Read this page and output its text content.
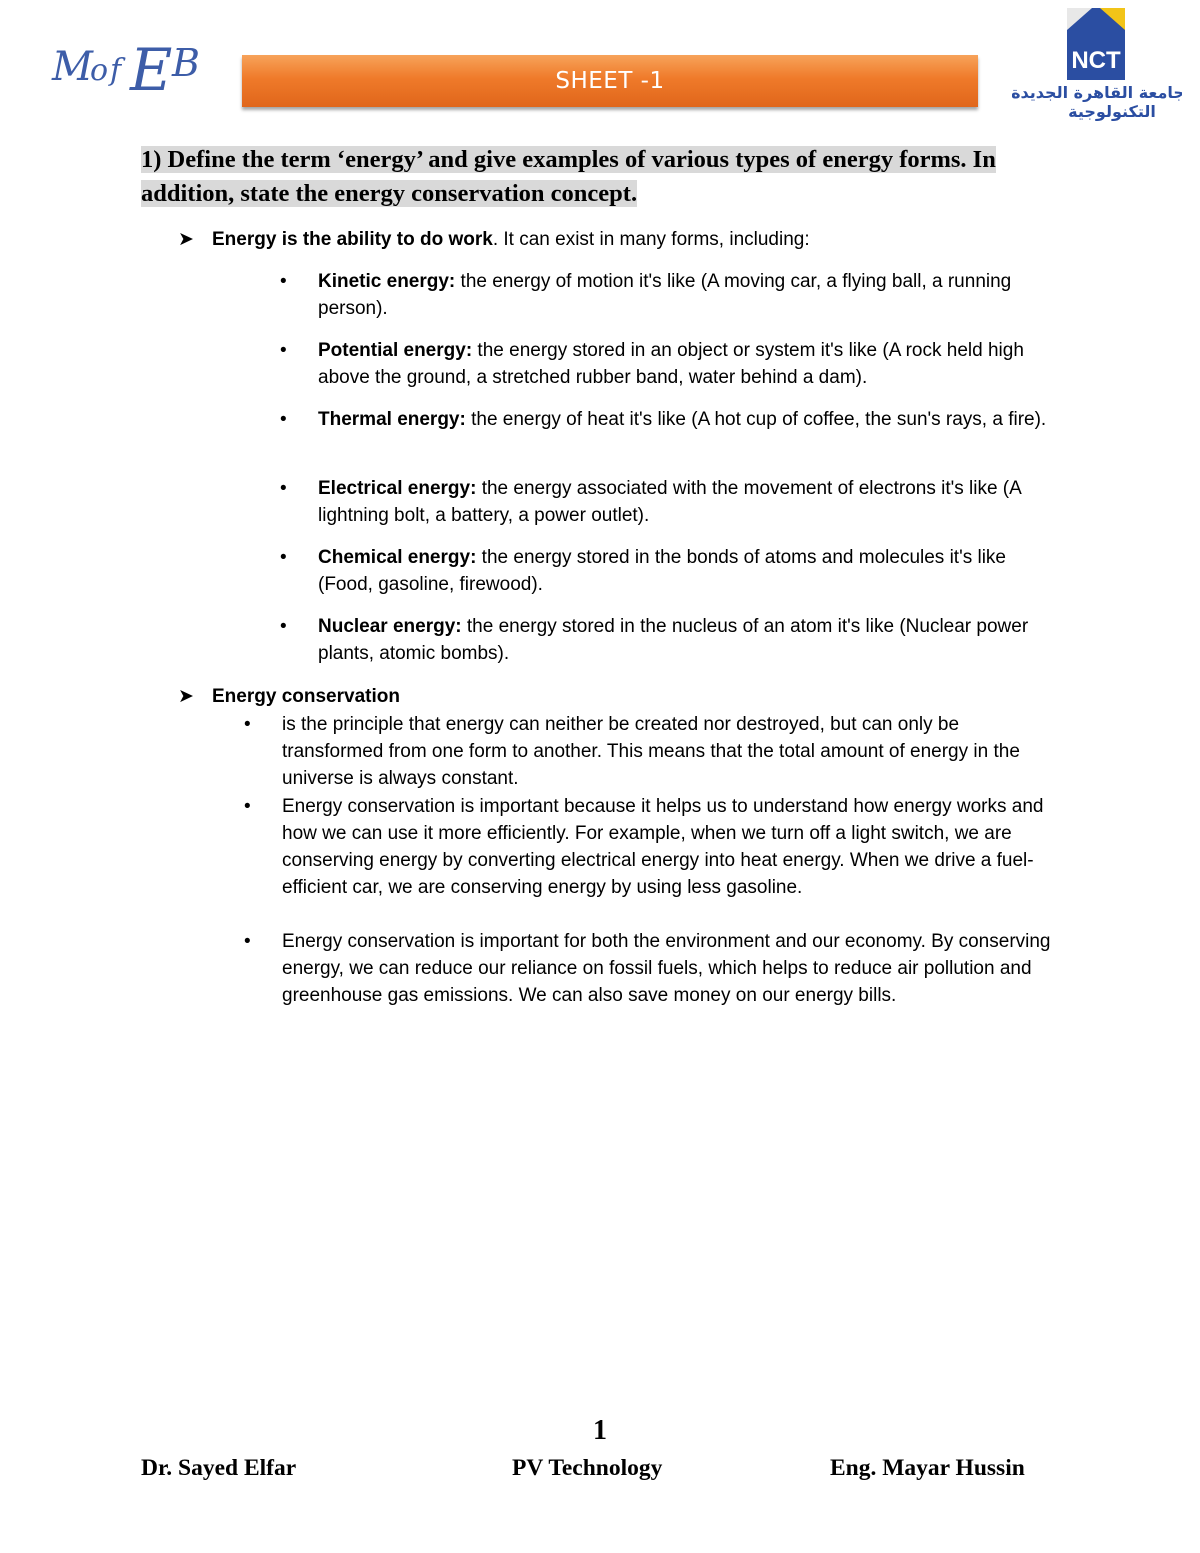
M
o f E B	SHEET -1
NCT
جامعة القاهرة الجديدة
التكنولوجية
1) Define the term ‘energy’ and give examples of various types of energy forms. In addition, state the energy conservation concept.
➤ Energy is the ability to do work. It can exist in many forms, including:
• Kinetic energy: the energy of motion it's like (A moving car, a flying ball, a running person).
• Potential energy: the energy stored in an object or system it's like (A rock held high above the ground, a stretched rubber band, water behind a dam).
• Thermal energy: the energy of heat it's like (A hot cup of coffee, the sun's rays, a fire).
• Electrical energy: the energy associated with the movement of electrons it's like (A lightning bolt, a battery, a power outlet).
• Chemical energy: the energy stored in the bonds of atoms and molecules it's like (Food, gasoline, firewood).
• Nuclear energy: the energy stored in the nucleus of an atom it's like (Nuclear power plants, atomic bombs).
➤ Energy conservation
• is the principle that energy can neither be created nor destroyed, but can only be transformed from one form to another. This means that the total amount of energy in the universe is always constant.
• Energy conservation is important because it helps us to understand how energy works and how we can use it more efficiently. For example, when we turn off a light switch, we are conserving energy by converting electrical energy into heat energy. When we drive a fuel-efficient car, we are conserving energy by using less gasoline.
• Energy conservation is important for both the environment and our economy. By conserving energy, we can reduce our reliance on fossil fuels, which helps to reduce air pollution and greenhouse gas emissions. We can also save money on our energy bills.
1
Dr. Sayed Elfar	PV Technology	Eng. Mayar Hussin
